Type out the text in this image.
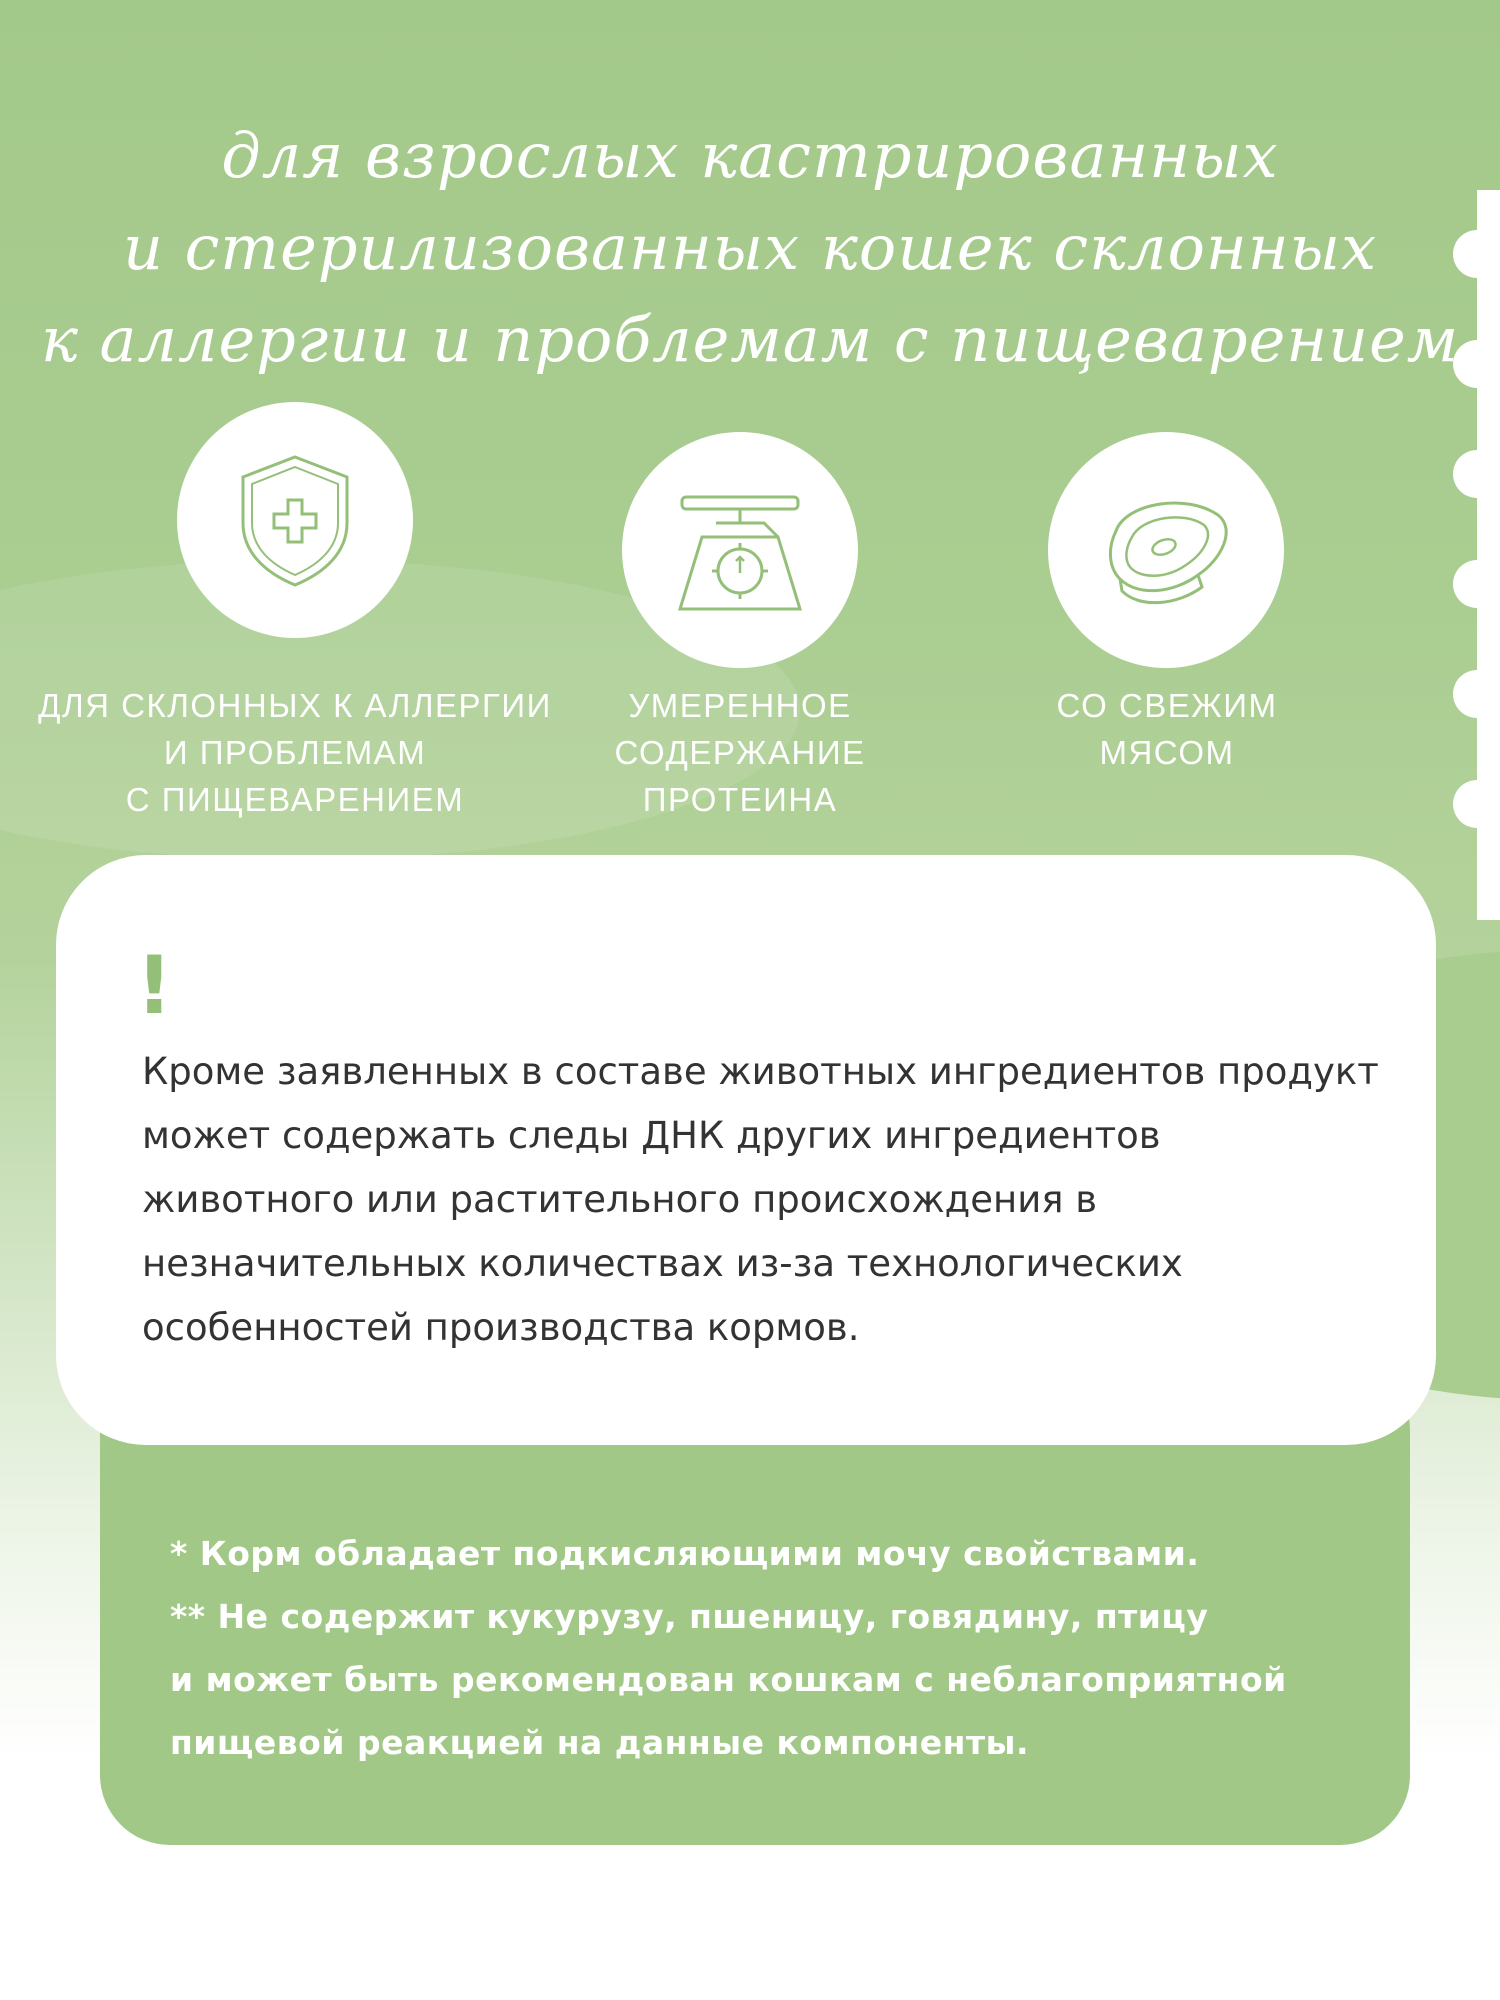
для взрослых кастрированных
и стерилизованных кошек склонных
к аллергии и проблемам с пищеварением
ДЛЯ СКЛОННЫХ К АЛЛЕРГИИ
И ПРОБЛЕМАМ
С ПИЩЕВАРЕНИЕМ
УМЕРЕННОЕ
СОДЕРЖАНИЕ
ПРОТЕИНА
СО СВЕЖИМ
МЯСОМ
!
Кроме заявленных в составе животных ингредиентов продукт
может содержать следы ДНК других ингредиентов
животного или растительного происхождения в
незначительных количествах из-за технологических
особенностей производства кормов.
* Корм обладает подкисляющими мочу свойствами.
** Не содержит кукурузу, пшеницу, говядину, птицу
и может быть рекомендован кошкам с неблагоприятной
пищевой реакцией на данные компоненты.
